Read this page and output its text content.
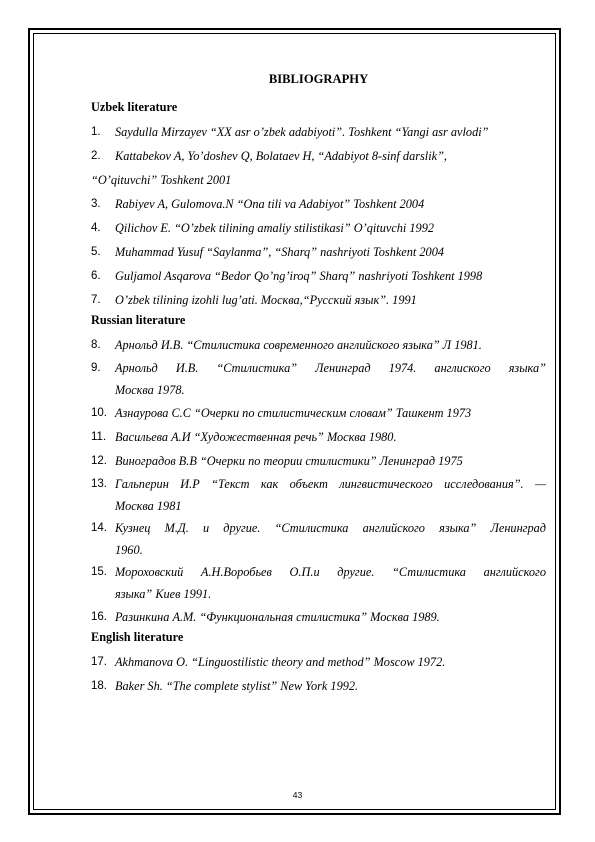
BIBLIOGRAPHY
Uzbek literature
1.	Saydulla Mirzayev “XX asr o’zbek adabiyoti”. Toshkent “Yangi asr avlodi”
2.	Kattabekov A, Yo’doshev Q, Bolataev H, “Adabiyot 8-sinf darslik”,
“O’qituvchi” Toshkent 2001
3.	Rabiyev A, Gulomova.N “Ona tili va Adabiyot” Toshkent 2004
4.	Qilichov E. “O’zbek tilining amaliy stilistikasi” O’qituvchi 1992
5.	Muhammad Yusuf “Saylanma”, “Sharq” nashriyoti Toshkent 2004
6.	Guljamol Asqarova “Bedor Qo’ng’iroq” Sharq” nashriyoti Toshkent 1998
7.	O’zbek tilining izohli lug’ati. Москва,“Русский язык”. 1991
Russian literature
8.	Арнольд И.В. “Стилистика современного английского языка” Л 1981.
9.	Арнольд И.В. “Стилистика” Ленинград 1974. англиского языка”
Москва 1978.
10. Азнаурова С.С “Очерки по стилистическим словам” Ташкент 1973
11. Васильева А.И “Художественная речь” Москва 1980.
12. Виноградов В.В “Очерки по теории стилистики” Ленинград 1975
13. Гальперин И.Р “Текст как объект лингвистического исследования”. —
Москва 1981
14. Кузнец М.Д. и другие. “Стилистика английского языка” Ленинград
1960.
15. Мороховский А.Н.Воробьев О.П.и другие. “Стилистика английского
языка” Киев 1991.
16. Разинкина А.М. “Функциональная стилистика” Москва 1989.
English literature
17. Akhmanova O. “Linguostilistic theory and method” Moscow 1972.
18. Baker Sh. “The complete stylist” New York 1992.
43
